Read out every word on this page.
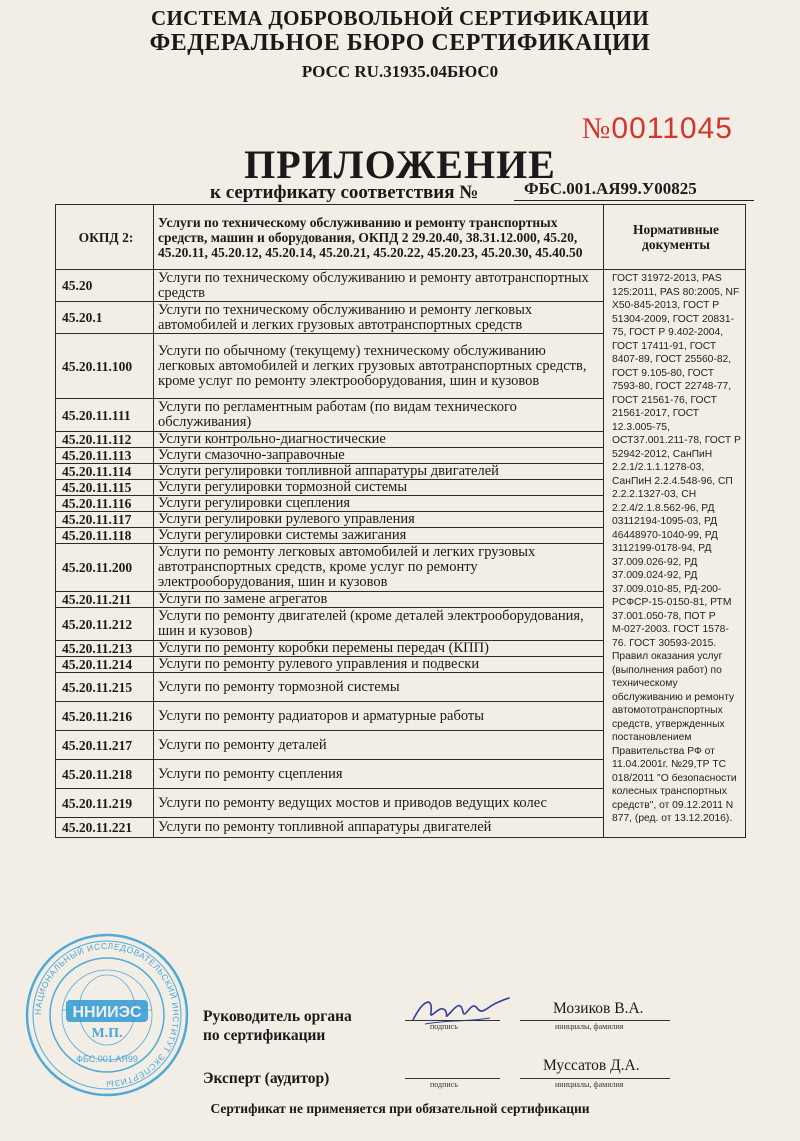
СИСТЕМА ДОБРОВОЛЬНОЙ СЕРТИФИКАЦИИ
ФЕДЕРАЛЬНОЕ БЮРО СЕРТИФИКАЦИИ
РОСС RU.31935.04БЮС0
№0011045
ПРИЛОЖЕНИЕ
к сертификату соответствия №	ФБС.001.АЯ99.У00825
ОКПД 2:	Услуги по техническому обслуживанию и ремонту транспортных средств, машин и оборудования, ОКПД 2 29.20.40, 38.31.12.000, 45.20, 45.20.11, 45.20.12, 45.20.14, 45.20.21, 45.20.22, 45.20.23, 45.20.30, 45.40.50	Нормативные документы
45.20	Услуги по техническому обслуживанию и ремонту автотранспортных средств	ГОСТ 31972-2013, PAS 125:2011, PAS 80:2005, NF X50-845-2013, ГОСТ Р 51304-2009, ГОСТ 20831-75, ГОСТ Р 9.402-2004, ГОСТ 17411-91, ГОСТ 8407-89, ГОСТ 25560-82, ГОСТ 9.105-80, ГОСТ 7593-80, ГОСТ 22748-77, ГОСТ 21561-76, ГОСТ 21561-2017, ГОСТ 12.3.005-75, ОСТ37.001.211-78, ГОСТ Р 52942-2012, СанПиН 2.2.1/2.1.1.1278-03, СанПиН 2.2.4.548-96, СП 2.2.2.1327-03, СН 2.2.4/2.1.8.562-96, РД 03112194-1095-03, РД 46448970-1040-99, РД 3112199-0178-94, РД 37.009.026-92, РД 37.009.024-92, РД 37.009.010-85, РД-200-РСФСР-15-0150-81, РТМ 37.001.050-78, ПОТ Р М-027-2003. ГОСТ 1578-76. ГОСТ 30593-2015. Правил оказания услуг (выполнения работ) по техническому обслуживанию и ремонту автомототранспортных средств, утвержденных постановлением Правительства РФ от 11.04.2001г. №29,ТР ТС 018/2011 "О безопасности колесных транспортных средств", от 09.12.2011 N 877, (ред. от 13.12.2016).
45.20.1	Услуги по техническому обслуживанию и ремонту легковых автомобилей и легких грузовых автотранспортных средств	
45.20.11.100	Услуги по обычному (текущему) техническому обслуживанию легковых автомобилей и легких грузовых автотранспортных средств, кроме услуг по ремонту электрооборудования, шин и кузовов	
45.20.11.111	Услуги по регламентным работам (по видам технического обслуживания)	
45.20.11.112	Услуги контрольно-диагностические	
45.20.11.113	Услуги смазочно-заправочные	
45.20.11.114	Услуги регулировки топливной аппаратуры двигателей	
45.20.11.115	Услуги регулировки тормозной системы	
45.20.11.116	Услуги регулировки сцепления	
45.20.11.117	Услуги регулировки рулевого управления	
45.20.11.118	Услуги регулировки системы зажигания	
45.20.11.200	Услуги по ремонту легковых автомобилей и легких грузовых автотранспортных средств, кроме услуг по ремонту электрооборудования, шин и кузовов	
45.20.11.211	Услуги по замене агрегатов	
45.20.11.212	Услуги по ремонту двигателей (кроме деталей электрооборудования, шин и кузовов)	
45.20.11.213	Услуги по ремонту коробки перемены передач (КПП)	
45.20.11.214	Услуги по ремонту рулевого управления и подвески	
45.20.11.215	Услуги по ремонту тормозной системы	
45.20.11.216	Услуги по ремонту радиаторов и арматурные работы	
45.20.11.217	Услуги по ремонту деталей	
45.20.11.218	Услуги по ремонту сцепления	
45.20.11.219	Услуги по ремонту ведущих мостов и приводов ведущих колес	
45.20.11.221	Услуги по ремонту топливной аппаратуры двигателей	
НАЦИОНАЛЬНЫЙ ИССЛЕДОВАТЕЛЬСКИЙ ИНСТИТУТ ЭКСПЕРТИЗЫ
ННИИЭС
М.П.
ФБС.001.АЯ99
Руководитель органа
по сертификации
подпись
Мозиков В.А.
инициалы, фамилия
Эксперт (аудитор)	подпись
Муссатов Д.А.
инициалы, фамилия
Сертификат не применяется при обязательной сертификации
